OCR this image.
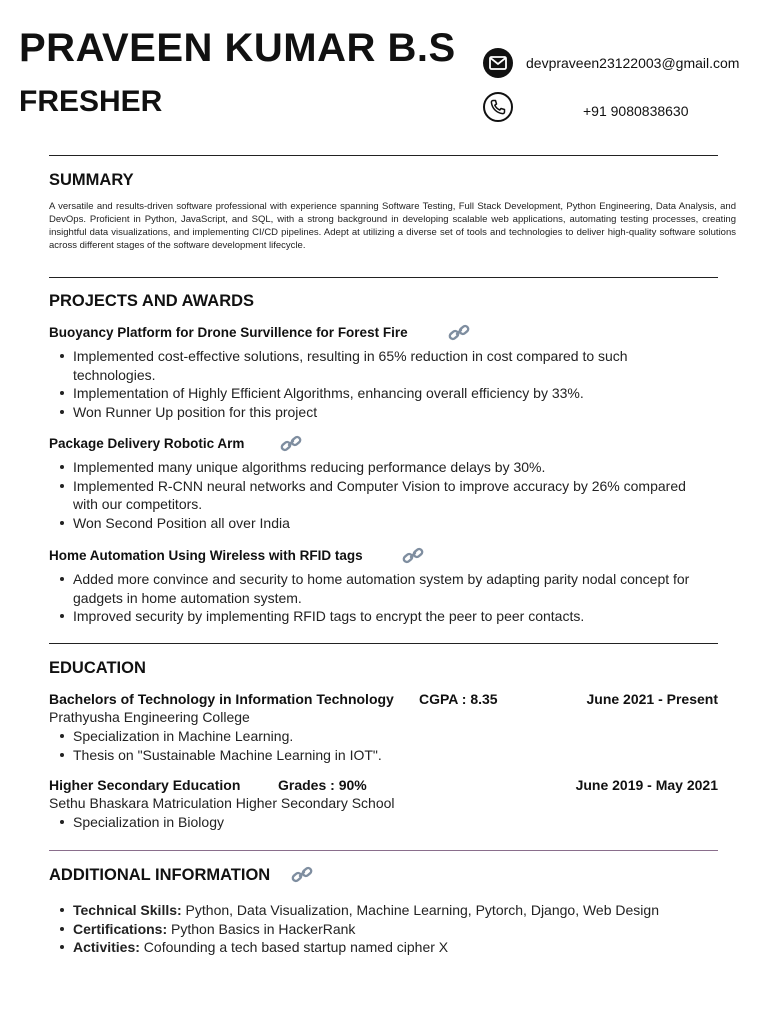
PRAVEEN KUMAR B.S
FRESHER
devpraveen23122003@gmail.com
+91 9080838630
SUMMARY
A versatile and results-driven software professional with experience spanning Software Testing, Full Stack Development, Python Engineering, Data Analysis, and DevOps. Proficient in Python, JavaScript, and SQL, with a strong background in developing scalable web applications, automating testing processes, creating insightful data visualizations, and implementing CI/CD pipelines. Adept at utilizing a diverse set of tools and technologies to deliver high-quality software solutions across different stages of the software development lifecycle.
PROJECTS AND AWARDS
Buoyancy Platform for Drone Survillence for Forest Fire
Implemented cost-effective solutions, resulting in 65% reduction in cost compared to such technologies.
Implementation of Highly Efficient Algorithms, enhancing overall efficiency by 33%.
Won Runner Up position for this project
Package Delivery Robotic Arm
Implemented many unique algorithms reducing performance delays by 30%.
Implemented R-CNN neural networks and Computer Vision to improve accuracy by 26% compared with our competitors.
Won Second Position all over India
Home Automation Using Wireless with RFID tags
Added more convince and security to home automation system by adapting parity nodal concept for gadgets in home automation system.
Improved security by implementing RFID tags to encrypt the peer to peer contacts.
EDUCATION
Bachelors of Technology in Information Technology CGPA : 8.35	June 2021 - Present
Prathyusha Engineering College
Specialization in Machine Learning.
Thesis on "Sustainable Machine Learning in IOT".
Higher Secondary Education	Grades : 90%	June 2019 - May 2021
Sethu Bhaskara Matriculation Higher Secondary School
Specialization in Biology
ADDITIONAL INFORMATION
Technical Skills: Python, Data Visualization, Machine Learning, Pytorch, Django, Web Design
Certifications: Python Basics in HackerRank
Activities: Cofounding a tech based startup named cipher X
